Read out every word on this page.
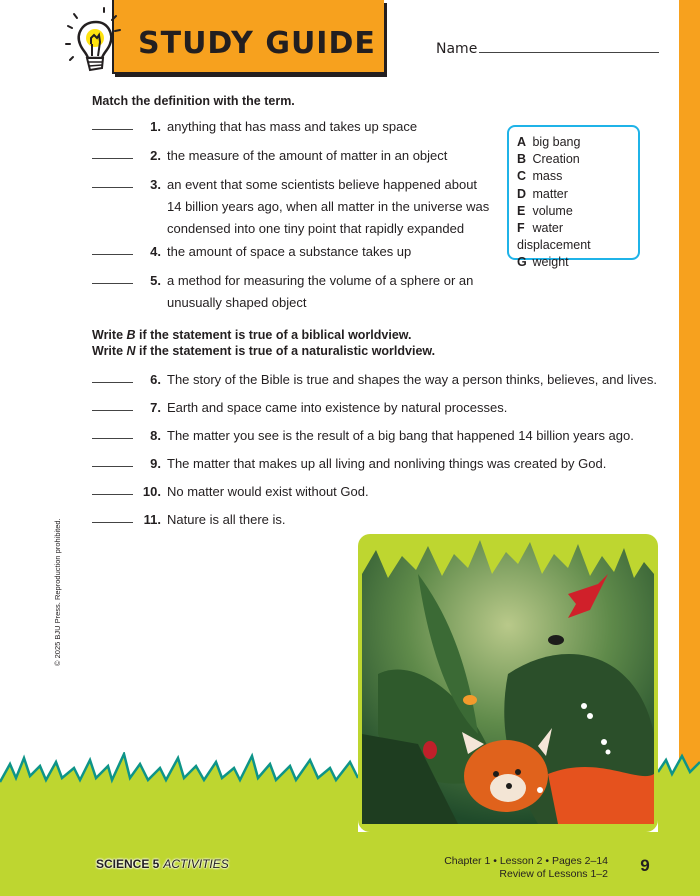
STUDY GUIDE	Name
Match the definition with the term.
1. anything that has mass and takes up space
2. the measure of the amount of matter in an object
3. an event that some scientists believe happened about
14 billion years ago, when all matter in the universe was
condensed into one tiny point that rapidly expanded
4. the amount of space a substance takes up
5. a method for measuring the volume of a sphere or an
unusually shaped object
A big bang
B Creation
C mass
D matter
E volume
F water displacement
G weight
Write B if the statement is true of a biblical worldview.
Write N if the statement is true of a naturalistic worldview.
6. The story of the Bible is true and shapes the way a person thinks, believes, and lives.
7. Earth and space came into existence by natural processes.
8. The matter you see is the result of a big bang that happened 14 billion years ago.
9. The matter that makes up all living and nonliving things was created by God.
10. No matter would exist without God.
11. Nature is all there is.
© 2025 BJU Press. Reproduction prohibited.
SCIENCE 5 ACTIVITIES	Chapter 1 • Lesson 2 • Pages 2–14
Review of Lessons 1–2	9
